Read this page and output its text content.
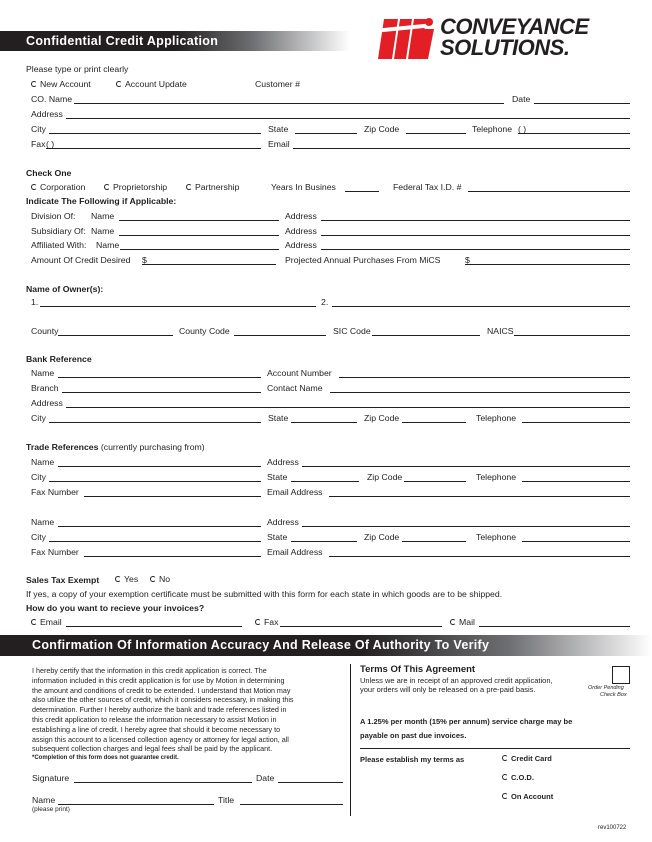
Confidential Credit Application
CONVEYANCE
SOLUTIONS.
Please type or print clearly
New Account	Account Update	Customer #
CO. Name	Date
Address
City	State	Zip Code	Telephone ( )
Fax ( )	Email
Check One
Corporation	Proprietorship	Partnership	Years In Busines	Federal Tax I.D. #
Indicate The Following if Applicable:
Division Of: Name	Address
Subsidiary Of: Name	Address
Affiliated With: Name	Address
Amount Of Credit Desired $	Projected Annual Purchases From MiCS	$
Name of Owner(s):
1.	2.
County	County Code	SIC Code	NAICS
Bank Reference
Name	Account Number
Branch	Contact Name
Address
City	State	Zip Code	Telephone
Trade References (currently purchasing from)
Name	Address
City	State	Zip Code	Telephone
Fax Number	Email Address
Name	Address
City	State	Zip Code	Telephone
Fax Number	Email Address
Sales Tax Exempt	Yes	No
If yes, a copy of your exemption certificate must be submitted with this form for each state in which goods are to be shipped.
How do you want to recieve your invoices?
Email	Fax	Mail
Confirmation Of Information Accuracy And Release Of Authority To Verify
I hereby certify that the information in this credit application is correct. The
information included in this credit application is for use by Motion in determining
the amount and conditions of credit to be extended. I understand that Motion may
also utilize the other sources of credit, which it considers necessary, in making this
determination. Further I hereby authorize the bank and trade references listed in
this credit application to release the information necessary to assist Motion in
establishing a line of credit. I hereby agree that should it become necessary to
assign this account to a licensed collection agency or attorney for legal action, all
subsequent collection charges and legal fees shall be paid by the applicant.
*Completion of this form does not guarantee credit.
Signature	Date
Name
(please print)
Title
Terms Of This Agreement
Unless we are in receipt of an approved credit application,
your orders will only be released on a pre-paid basis.	Order Pending
Check Box
A 1.25% per month (15% per annum) service charge may be
payable on past due invoices.
Please establish my terms as	Credit Card
C.O.D.
On Account
rev100722
